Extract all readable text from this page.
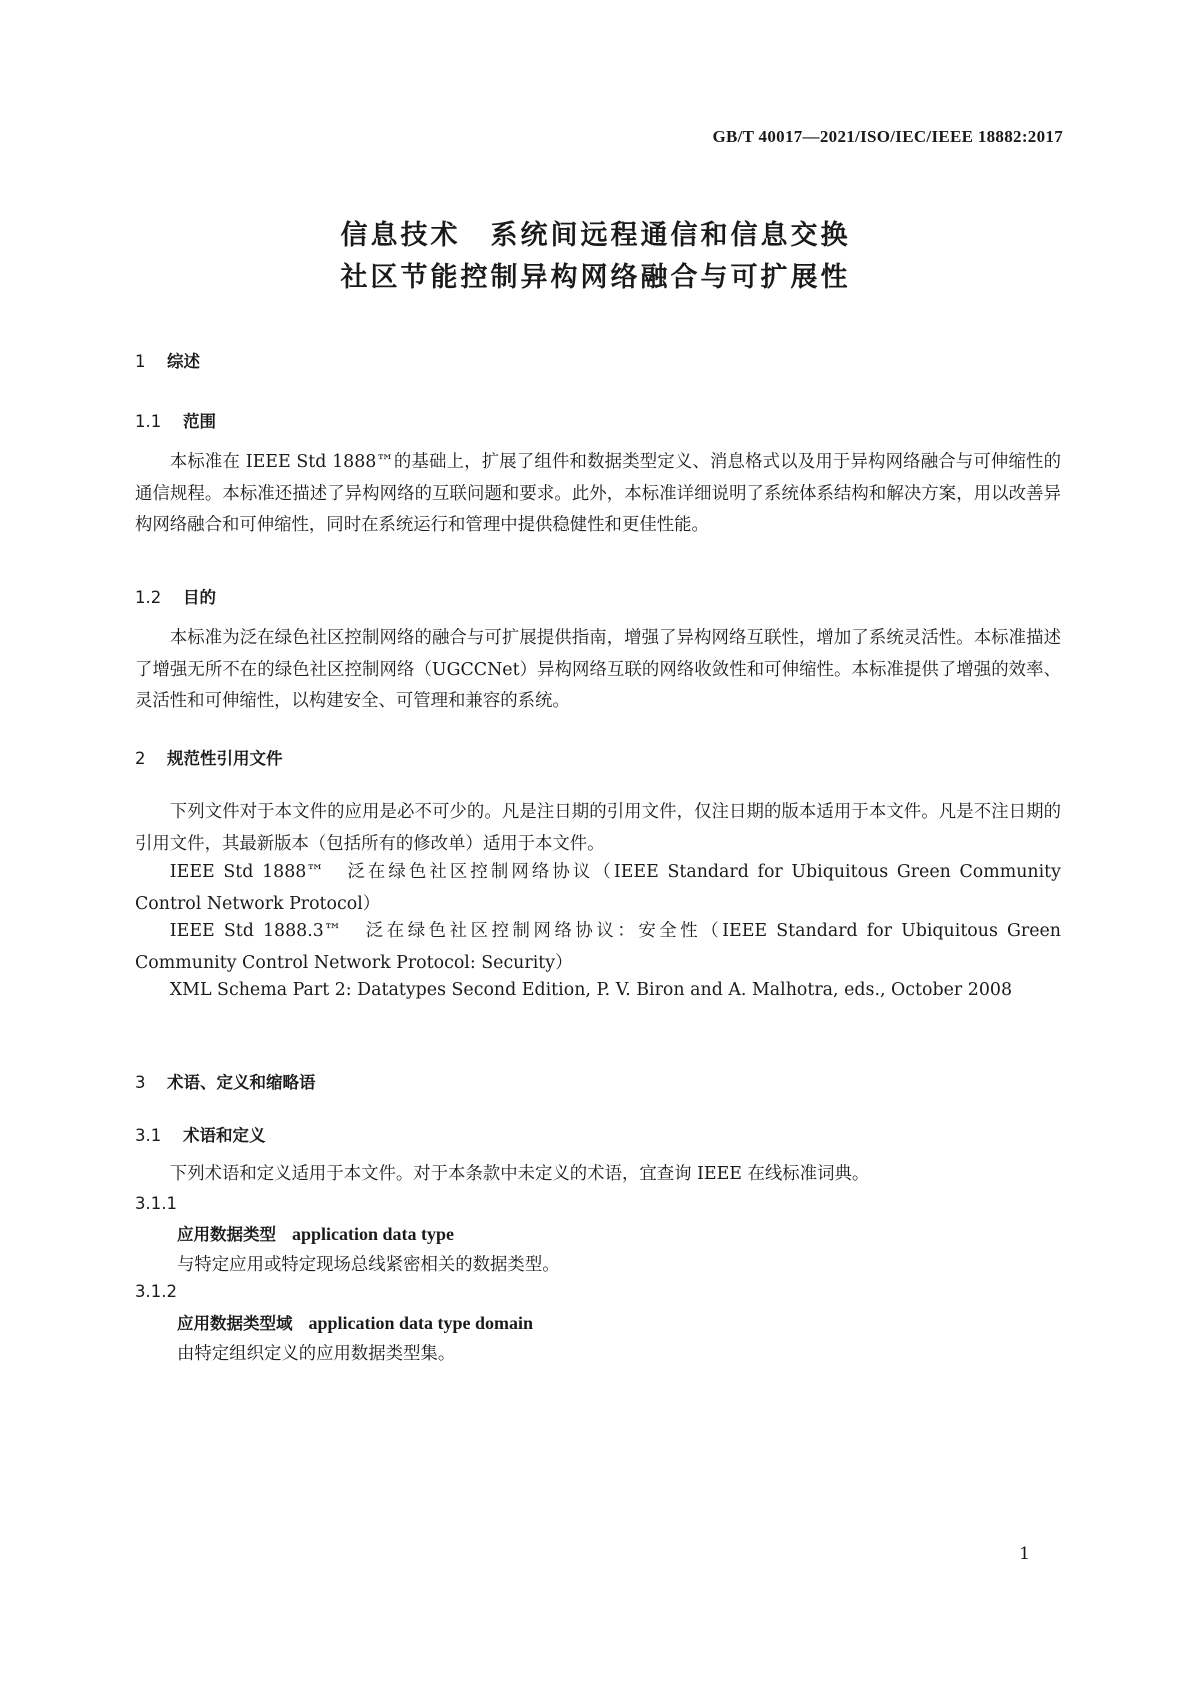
GB/T 40017—2021/ISO/IEC/IEEE 18882:2017
信息技术　系统间远程通信和信息交换
社区节能控制异构网络融合与可扩展性
1 综述
1.1 范围
本标准在 IEEE Std 1888™的基础上，扩展了组件和数据类型定义、消息格式以及用于异构网络融合与可伸缩性的通信规程。本标准还描述了异构网络的互联问题和要求。此外，本标准详细说明了系统体系结构和解决方案，用以改善异构网络融合和可伸缩性，同时在系统运行和管理中提供稳健性和更佳性能。
1.2 目的
本标准为泛在绿色社区控制网络的融合与可扩展提供指南，增强了异构网络互联性，增加了系统灵活性。本标准描述了增强无所不在的绿色社区控制网络（UGCCNet）异构网络互联的网络收敛性和可伸缩性。本标准提供了增强的效率、灵活性和可伸缩性，以构建安全、可管理和兼容的系统。
2 规范性引用文件
下列文件对于本文件的应用是必不可少的。凡是注日期的引用文件，仅注日期的版本适用于本文件。凡是不注日期的引用文件，其最新版本（包括所有的修改单）适用于本文件。
IEEE Std 1888™　泛在绿色社区控制网络协议（IEEE Standard for Ubiquitous Green Community Control Network Protocol）
IEEE Std 1888.3™　泛在绿色社区控制网络协议：安全性（IEEE Standard for Ubiquitous Green Community Control Network Protocol: Security）
XML Schema Part 2: Datatypes Second Edition, P. V. Biron and A. Malhotra, eds., October 2008
3 术语、定义和缩略语
3.1 术语和定义
下列术语和定义适用于本文件。对于本条款中未定义的术语，宜查询 IEEE 在线标准词典。
3.1.1
应用数据类型 application data type
与特定应用或特定现场总线紧密相关的数据类型。
3.1.2
应用数据类型域 application data type domain
由特定组织定义的应用数据类型集。
1
